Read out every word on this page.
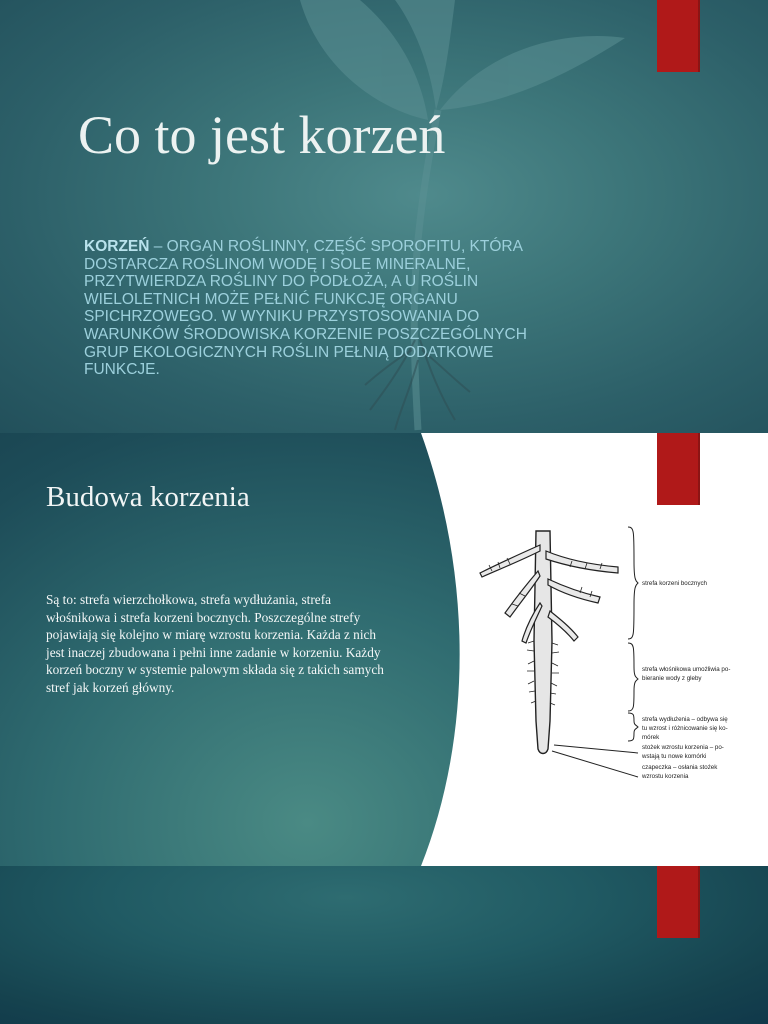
Co to jest korzeń

KORZEŃ – ORGAN ROŚLINNY, CZĘŚĆ SPOROFITU, KTÓRA DOSTARCZA ROŚLINOM WODĘ I SOLE MINERALNE, PRZYTWIERDZA ROŚLINY DO PODŁOŻA, A U ROŚLIN WIELOLETNICH MOŻE PEŁNIĆ FUNKCJĘ ORGANU SPICHRZOWEGO. W WYNIKU PRZYSTOSOWANIA DO WARUNKÓW ŚRODOWISKA KORZENIE POSZCZEGÓLNYCH GRUP EKOLOGICZNYCH ROŚLIN PEŁNIĄ DODATKOWE FUNKCJE.

Budowa korzenia

Są to: strefa wierzchołkowa, strefa wydłużania, strefa włośnikowa i strefa korzeni bocznych. Poszczególne strefy pojawiają się kolejno w miarę wzrostu korzenia. Każda z nich jest inaczej zbudowana i pełni inne zadanie w korzeniu. Każdy korzeń boczny w systemie palowym składa się z takich samych stref jak korzeń główny.

strefa korzeni bocznych
strefa włośnikowa umożliwia po-
bieranie wody z gleby
strefa wydłużenia – odbywa się
tu wzrost i różnicowanie się ko-
mórek
stożek wzrostu korzenia – po-
wstają tu nowe komórki
czapeczka – osłania stożek
wzrostu korzenia
